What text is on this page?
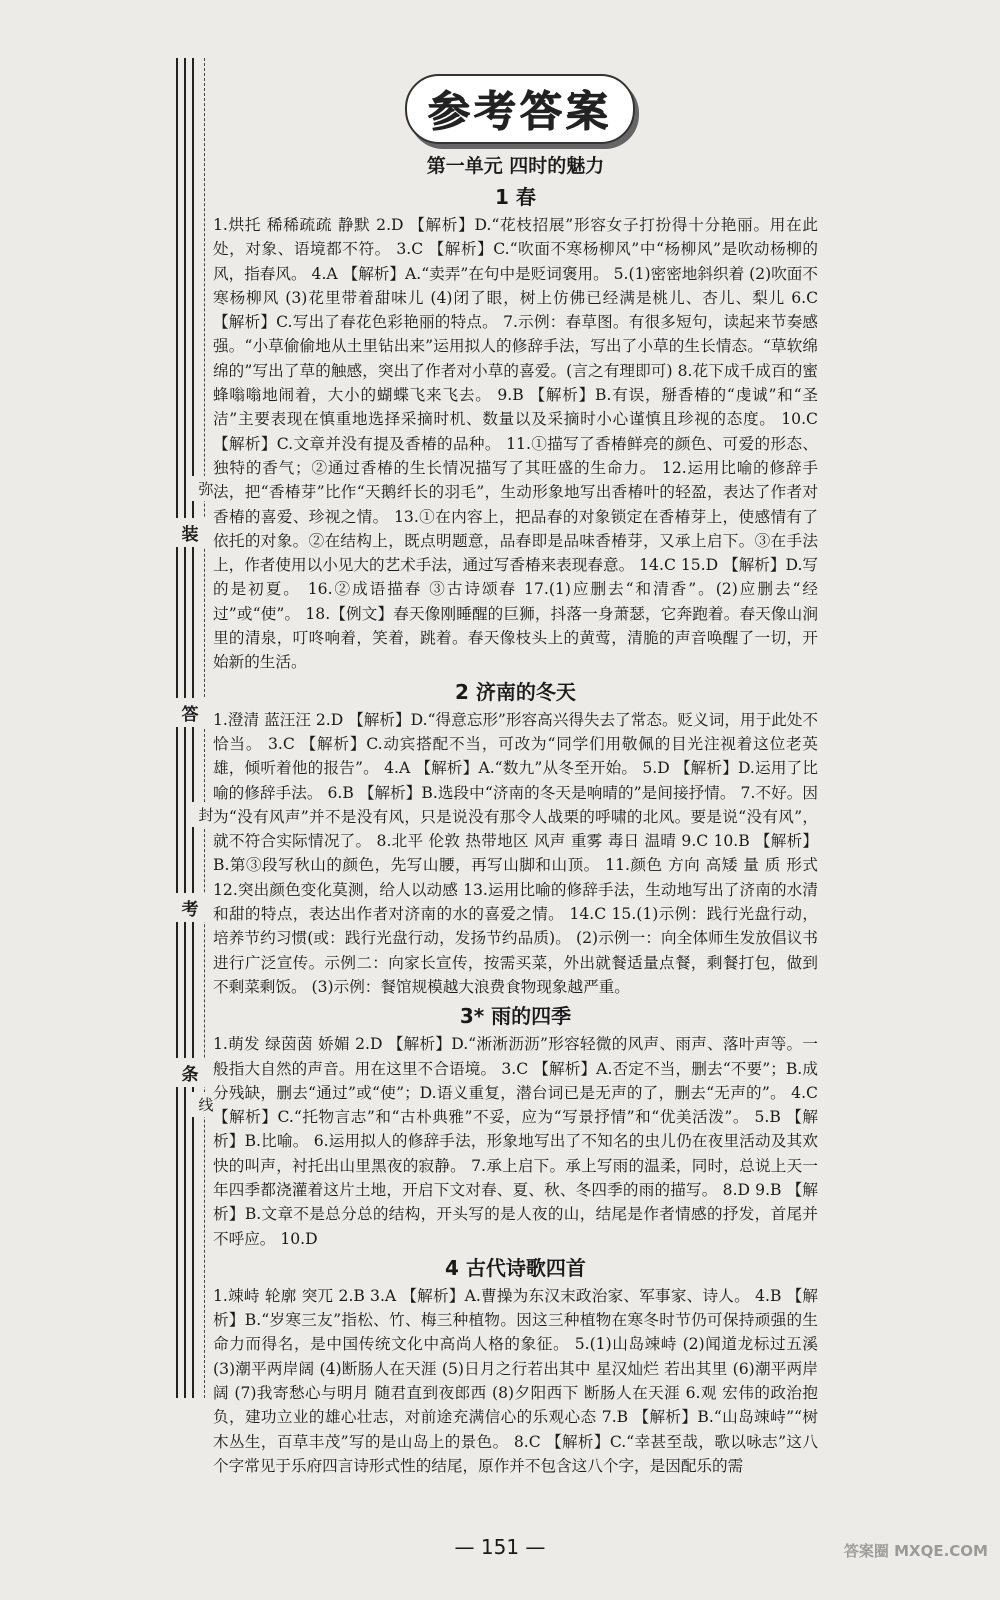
弥
装
答
封
考
线
条
参考答案
第一单元 四时的魅力
1 春

1.烘托 稀稀疏疏 静默 2.D 【解析】D.“花枝招展”形容女子打扮得十分艳丽。用在此处，对象、语境都不符。 3.C 【解析】C.“吹面不寒杨柳风”中“杨柳风”是吹动杨柳的风，指春风。 4.A 【解析】A.“卖弄”在句中是贬词褒用。 5.(1)密密地斜织着 (2)吹面不寒杨柳风 (3)花里带着甜味儿 (4)闭了眼，树上仿佛已经满是桃儿、杏儿、梨儿 6.C 【解析】C.写出了春花色彩艳丽的特点。 7.示例：春草图。有很多短句，读起来节奏感强。“小草偷偷地从土里钻出来”运用拟人的修辞手法，写出了小草的生长情态。“草软绵绵的”写出了草的触感，突出了作者对小草的喜爱。(言之有理即可) 8.花下成千成百的蜜蜂嗡嗡地闹着，大小的蝴蝶飞来飞去。 9.B 【解析】B.有误，掰香椿的“虔诚”和“圣洁”主要表现在慎重地选择采摘时机、数量以及采摘时小心谨慎且珍视的态度。 10.C 【解析】C.文章并没有提及香椿的品种。 11.①描写了香椿鲜亮的颜色、可爱的形态、独特的香气；②通过香椿的生长情况描写了其旺盛的生命力。 12.运用比喻的修辞手法，把“香椿芽”比作“天鹅纤长的羽毛”，生动形象地写出香椿叶的轻盈，表达了作者对香椿的喜爱、珍视之情。 13.①在内容上，把品春的对象锁定在香椿芽上，使感情有了依托的对象。②在结构上，既点明题意，品春即是品味香椿芽，又承上启下。③在手法上，作者使用以小见大的艺术手法，通过写香椿来表现春意。 14.C 15.D 【解析】D.写的是初夏。 16.②成语描春 ③古诗颂春 17.(1)应删去“和清香”。(2)应删去“经过”或“使”。 18.【例文】春天像刚睡醒的巨狮，抖落一身萧瑟，它奔跑着。春天像山涧里的清泉，叮咚响着，笑着，跳着。春天像枝头上的黄莺，清脆的声音唤醒了一切，开始新的生活。

2 济南的冬天

1.澄清 蓝汪汪 2.D 【解析】D.“得意忘形”形容高兴得失去了常态。贬义词，用于此处不恰当。 3.C 【解析】C.动宾搭配不当，可改为“同学们用敬佩的目光注视着这位老英雄，倾听着他的报告”。 4.A 【解析】A.“数九”从冬至开始。 5.D 【解析】D.运用了比喻的修辞手法。 6.B 【解析】B.选段中“济南的冬天是响晴的”是间接抒情。 7.不好。因为“没有风声”并不是没有风，只是说没有那令人战栗的呼啸的北风。要是说“没有风”，就不符合实际情况了。 8.北平 伦敦 热带地区 风声 重雾 毒日 温晴 9.C 10.B 【解析】B.第③段写秋山的颜色，先写山腰，再写山脚和山顶。 11.颜色 方向 高矮 量 质 形式 12.突出颜色变化莫测，给人以动感 13.运用比喻的修辞手法，生动地写出了济南的水清和甜的特点，表达出作者对济南的水的喜爱之情。 14.C 15.(1)示例：践行光盘行动，培养节约习惯(或：践行光盘行动，发扬节约品质)。 (2)示例一：向全体师生发放倡议书进行广泛宣传。示例二：向家长宣传，按需买菜，外出就餐适量点餐，剩餐打包，做到不剩菜剩饭。 (3)示例：餐馆规模越大浪费食物现象越严重。

3* 雨的四季

1.萌发 绿茵茵 娇媚 2.D 【解析】D.“淅淅沥沥”形容轻微的风声、雨声、落叶声等。一般指大自然的声音。用在这里不合语境。 3.C 【解析】A.否定不当，删去“不要”；B.成分残缺，删去“通过”或“使”；D.语义重复，潜台词已是无声的了，删去“无声的”。 4.C 【解析】C.“托物言志”和“古朴典雅”不妥，应为“写景抒情”和“优美活泼”。 5.B 【解析】B.比喻。 6.运用拟人的修辞手法，形象地写出了不知名的虫儿仍在夜里活动及其欢快的叫声，衬托出山里黑夜的寂静。 7.承上启下。承上写雨的温柔，同时，总说上天一年四季都浇灌着这片土地，开启下文对春、夏、秋、冬四季的雨的描写。 8.D 9.B 【解析】B.文章不是总分总的结构，开头写的是人夜的山，结尾是作者情感的抒发，首尾并不呼应。 10.D

4 古代诗歌四首

1.竦峙 轮廓 突兀 2.B 3.A 【解析】A.曹操为东汉末政治家、军事家、诗人。 4.B 【解析】B.“岁寒三友”指松、竹、梅三种植物。因这三种植物在寒冬时节仍可保持顽强的生命力而得名，是中国传统文化中高尚人格的象征。 5.(1)山岛竦峙 (2)闻道龙标过五溪 (3)潮平两岸阔 (4)断肠人在天涯 (5)日月之行若出其中 星汉灿烂 若出其里 (6)潮平两岸阔 (7)我寄愁心与明月 随君直到夜郎西 (8)夕阳西下 断肠人在天涯 6.观 宏伟的政治抱负，建功立业的雄心壮志，对前途充满信心的乐观心态 7.B 【解析】B.“山岛竦峙”“树木丛生，百草丰茂”写的是山岛上的景色。 8.C 【解析】C.“幸甚至哉，歌以咏志”这八个字常见于乐府四言诗形式性的结尾，原作并不包含这八个字，是因配乐的需

— 151 —	答案圈 MXQE.COM
